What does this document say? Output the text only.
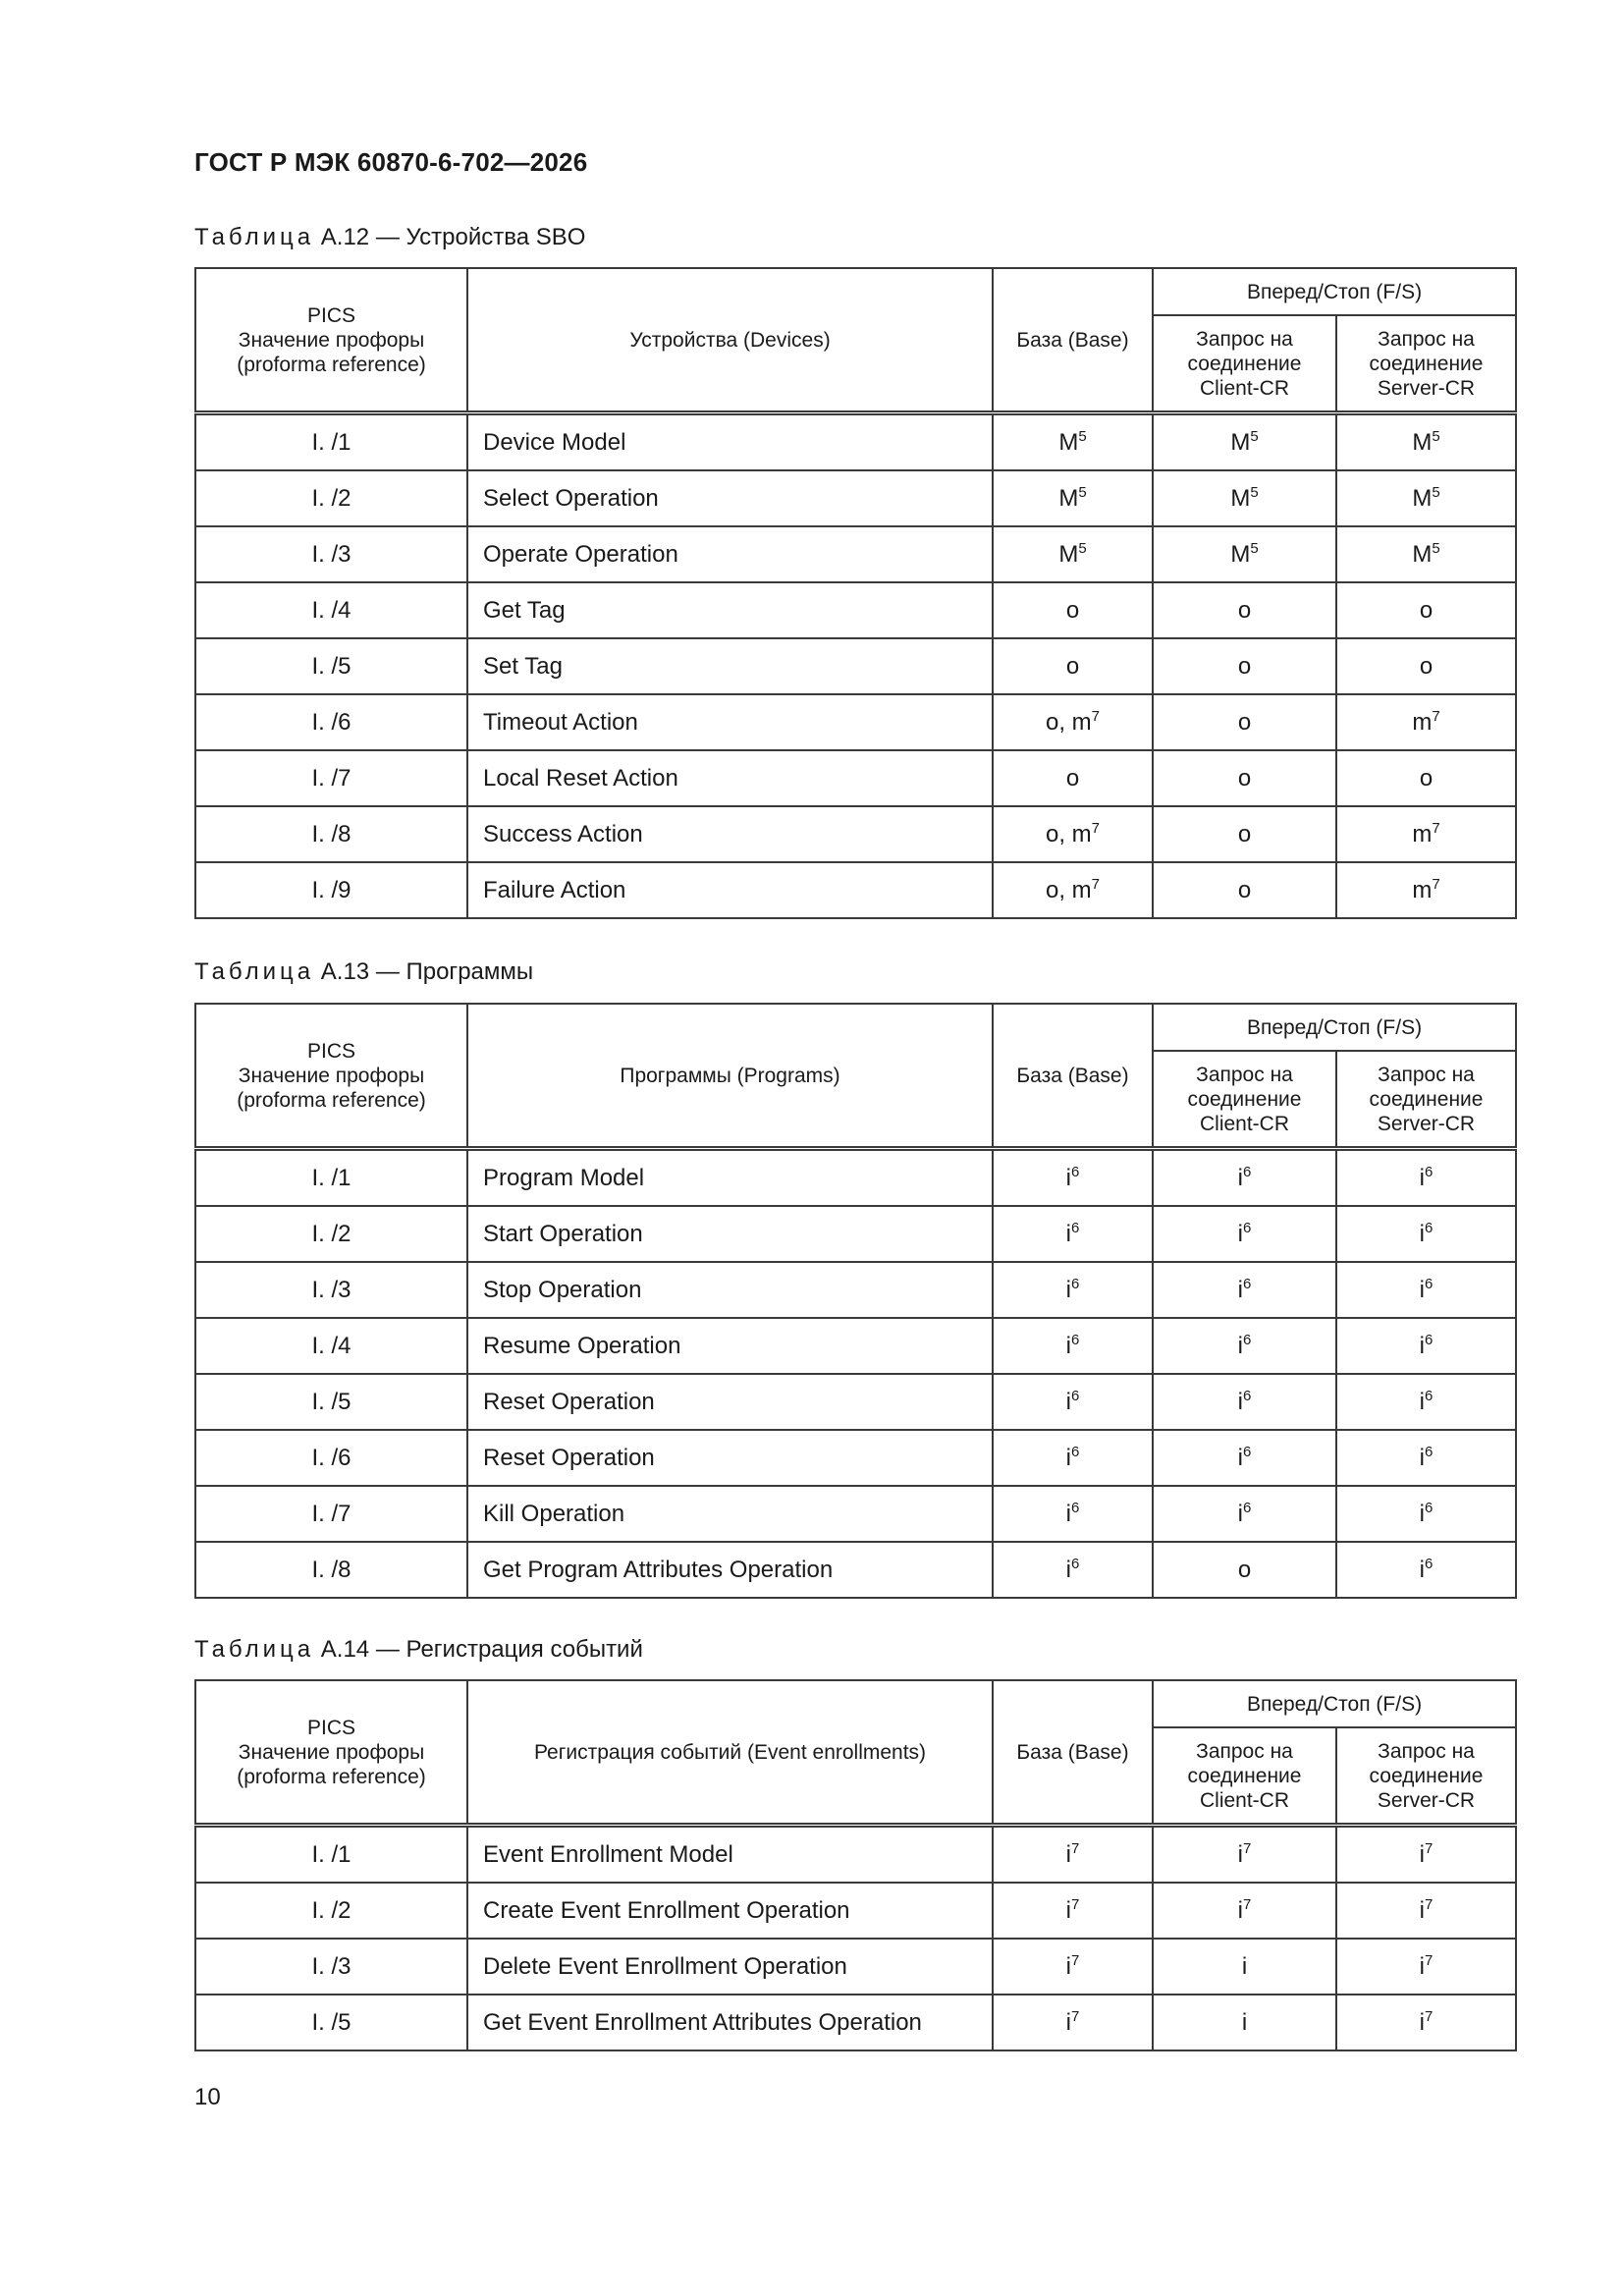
ГОСТ Р МЭК 60870-6-702—2026
Таблица А.12 — Устройства SBO
PICS
Значение профоры
(proforma reference)	Устройства (Devices)	База (Base)	Вперед/Стоп (F/S)	
			Запрос на
соединение
Client-CR	Запрос на
соединение
Server-CR
I. /1	Device Model	$M^5$	$M^5$	$M^5$
I. /2	Select Operation	$M^5$	$M^5$	$M^5$
I. /3	Operate Operation	$M^5$	$M^5$	$M^5$
I. /4	Get Tag	o	o	o
I. /5	Set Tag	o	o	o
I. /6	Timeout Action	o, $m^7$	o	$m^7$
I. /7	Local Reset Action	o	o	o
I. /8	Success Action	o, $m^7$	o	$m^7$
I. /9	Failure Action	o, $m^7$	o	$m^7$
Таблица А.13 — Программы
PICS
Значение профоры
(proforma reference)	Программы (Programs)	База (Base)	Вперед/Стоп (F/S)	
			Запрос на
соединение
Client-CR	Запрос на
соединение
Server-CR
I. /1	Program Model	$i^6$	$i^6$	$i^6$
I. /2	Start Operation	$i^6$	$i^6$	$i^6$
I. /3	Stop Operation	$i^6$	$i^6$	$i^6$
I. /4	Resume Operation	$i^6$	$i^6$	$i^6$
I. /5	Reset Operation	$i^6$	$i^6$	$i^6$
I. /6	Reset Operation	$i^6$	$i^6$	$i^6$
I. /7	Kill Operation	$i^6$	$i^6$	$i^6$
I. /8	Get Program Attributes Operation	$i^6$	o	$i^6$
Таблица А.14 — Регистрация событий
PICS
Значение профоры
(proforma reference)	Регистрация событий (Event enrollments)	База (Base)	Вперед/Стоп (F/S)	
			Запрос на
соединение
Client-CR	Запрос на
соединение
Server-CR
I. /1	Event Enrollment Model	$i^7$	$i^7$	$i^7$
I. /2	Create Event Enrollment Operation	$i^7$	$i^7$	$i^7$
I. /3	Delete Event Enrollment Operation	$i^7$	i	$i^7$
I. /5	Get Event Enrollment Attributes Operation	$i^7$	i	$i^7$
10
